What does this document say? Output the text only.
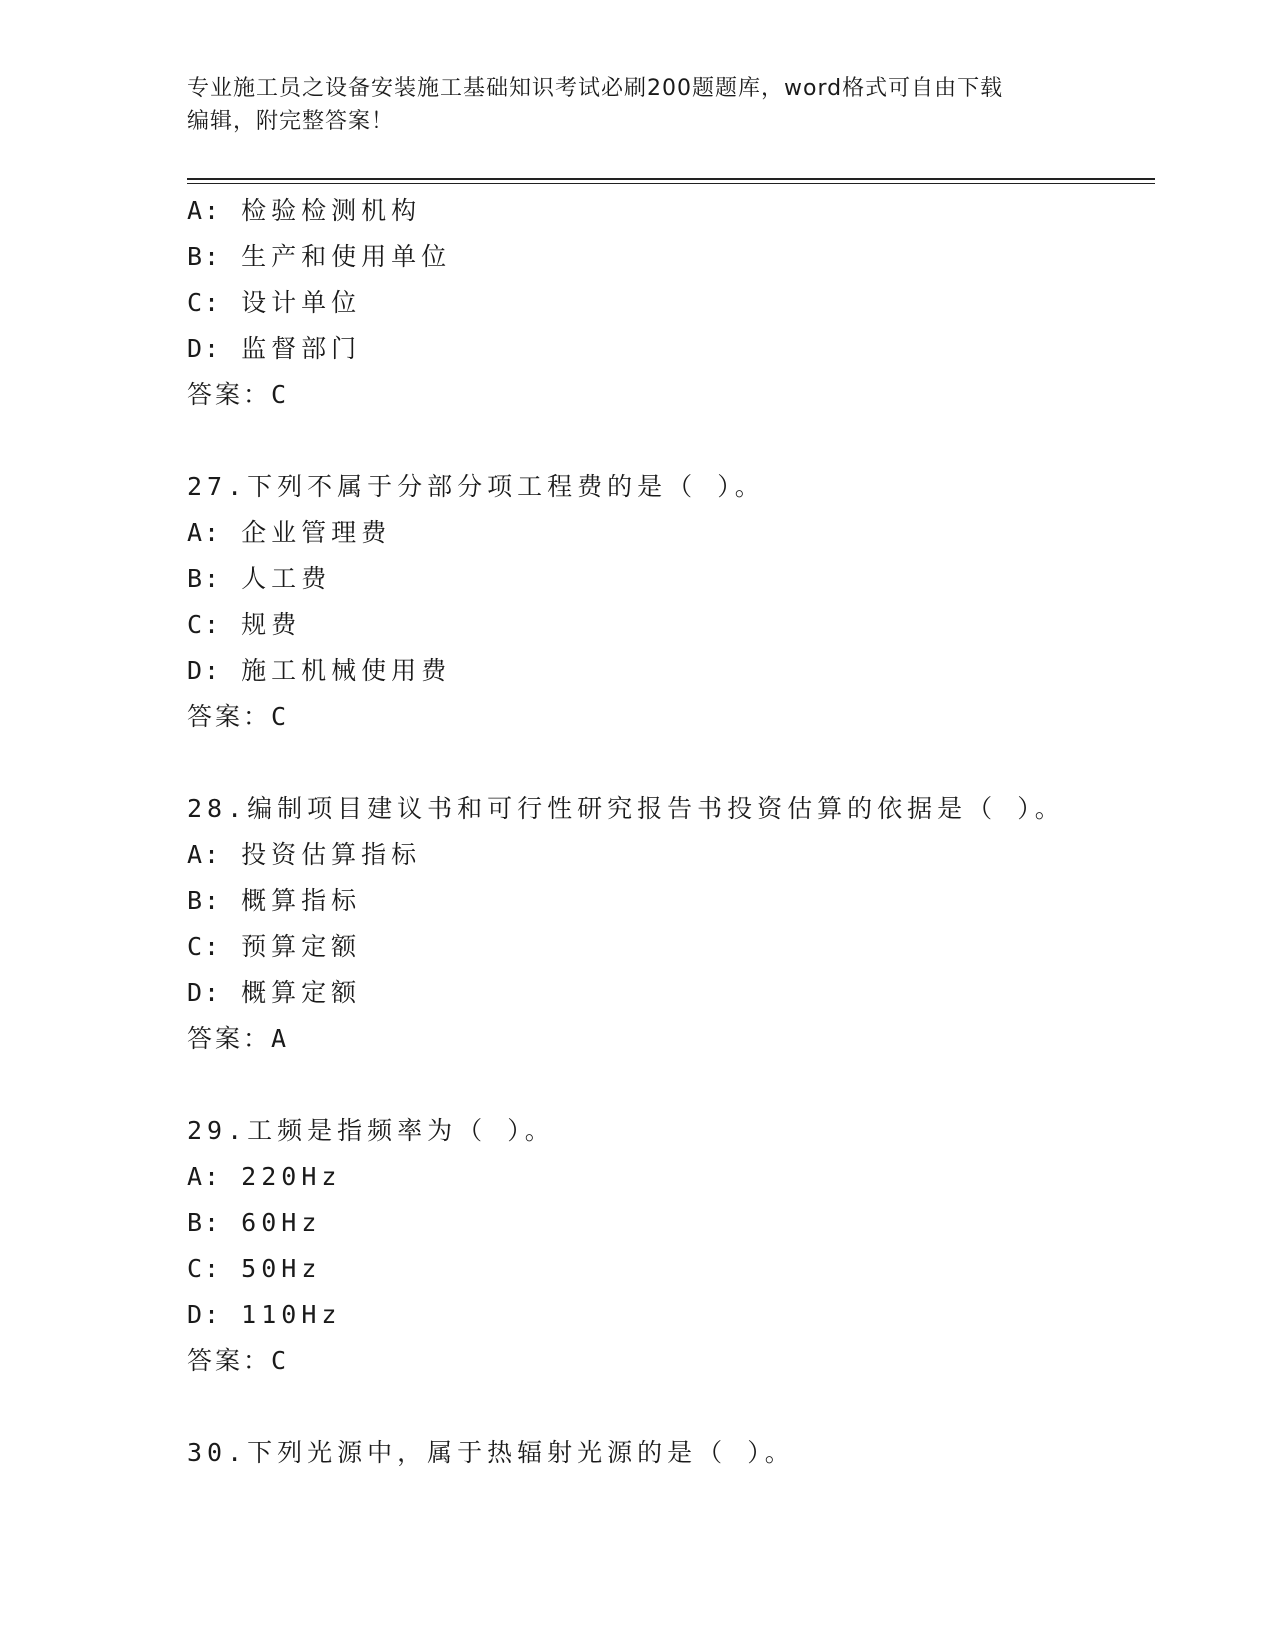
专业施工员之设备安装施工基础知识考试必刷200题题库，word格式可自由下载
编辑，附完整答案！
A: 检验检测机构
B: 生产和使用单位
C: 设计单位
D: 监督部门
答案：C
27.下列不属于分部分项工程费的是（ ）。
A: 企业管理费
B: 人工费
C: 规费
D: 施工机械使用费
答案：C
28.编制项目建议书和可行性研究报告书投资估算的依据是（ ）。
A: 投资估算指标
B: 概算指标
C: 预算定额
D: 概算定额
答案：A
29.工频是指频率为（ ）。
A: 220Hz
B: 60Hz
C: 50Hz
D: 110Hz
答案：C
30.下列光源中，属于热辐射光源的是（ ）。
